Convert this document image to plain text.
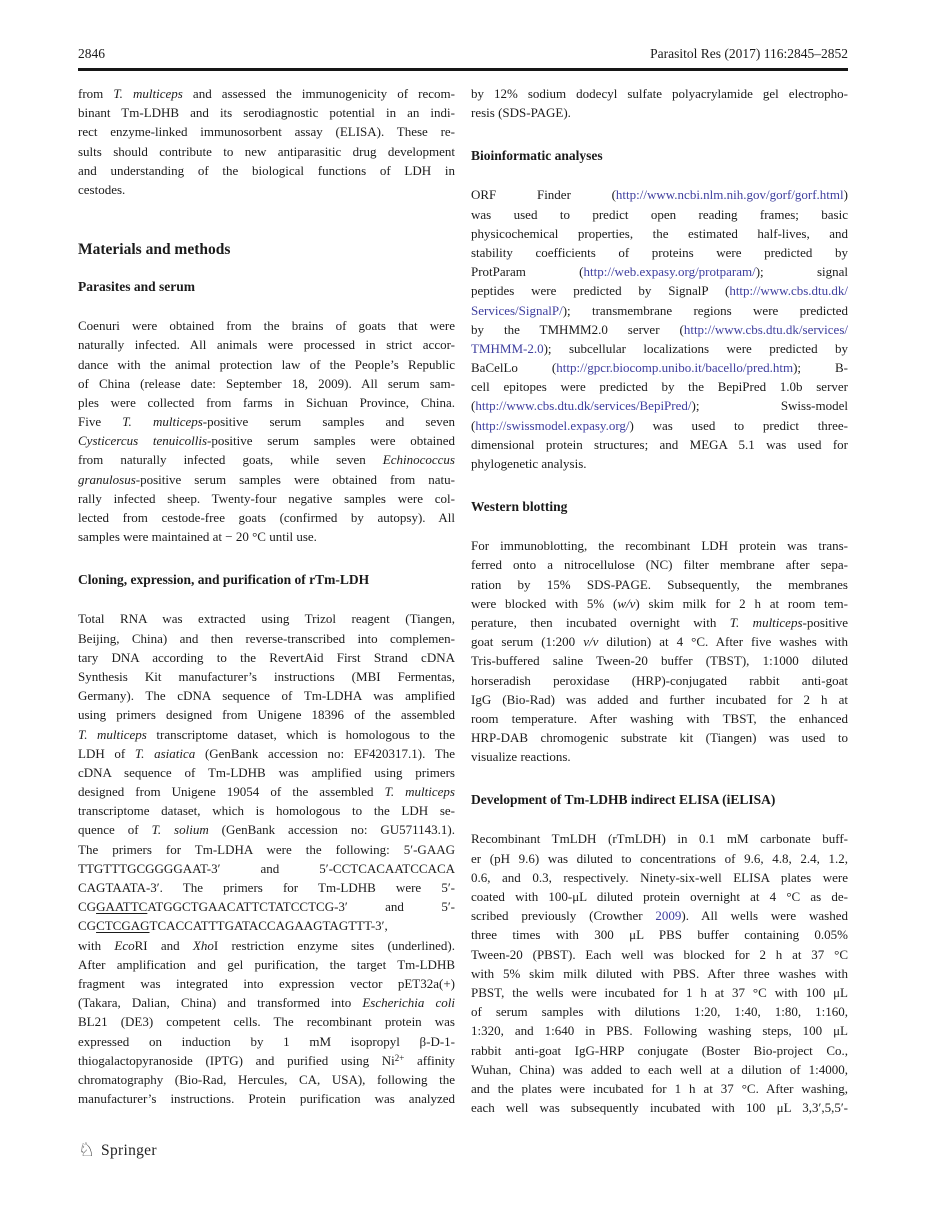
2846	Parasitol Res (2017) 116:2845–2852
from T. multiceps and assessed the immunogenicity of recom-
binant Tm-LDHB and its serodiagnostic potential in an indi-
rect enzyme-linked immunosorbent assay (ELISA). These re-
sults should contribute to new antiparasitic drug development
and understanding of the biological functions of LDH in
cestodes.
Materials and methods
Parasites and serum
Coenuri were obtained from the brains of goats that were
naturally infected. All animals were processed in strict accor-
dance with the animal protection law of the People’s Republic
of China (release date: September 18, 2009). All serum sam-
ples were collected from farms in Sichuan Province, China.
Five T. multiceps-positive serum samples and seven
Cysticercus tenuicollis-positive serum samples were obtained
from naturally infected goats, while seven Echinococcus
granulosus-positive serum samples were obtained from natu-
rally infected sheep. Twenty-four negative samples were col-
lected from cestode-free goats (confirmed by autopsy). All
samples were maintained at − 20 °C until use.
Cloning, expression, and purification of rTm-LDH
Total RNA was extracted using Trizol reagent (Tiangen,
Beijing, China) and then reverse-transcribed into complemen-
tary DNA according to the RevertAid First Strand cDNA
Synthesis Kit manufacturer’s instructions (MBI Fermentas,
Germany). The cDNA sequence of Tm-LDHA was amplified
using primers designed from Unigene 18396 of the assembled
T. multiceps transcriptome dataset, which is homologous to the
LDH of T. asiatica (GenBank accession no: EF420317.1). The
cDNA sequence of Tm-LDHB was amplified using primers
designed from Unigene 19054 of the assembled T. multiceps
transcriptome dataset, which is homologous to the LDH se-
quence of T. solium (GenBank accession no: GU571143.1).
The primers for Tm-LDHA were the following: 5′-GAAG
TTGTTTGCGGGGAAT-3′ and 5′-CCTCACAATCCACA
CAGTAATA-3′. The primers for Tm-LDHB were 5′-
CGGAATTCATGGCTGAACATTCTATCCTCG-3′ and 5′-
CGCTCGAGTCACCATTTGATACCAGAAGTAGTTT-3′,
with EcoRI and XhoI restriction enzyme sites (underlined).
After amplification and gel purification, the target Tm-LDHB
fragment was integrated into expression vector pET32a(+)
(Takara, Dalian, China) and transformed into Escherichia coli
BL21 (DE3) competent cells. The recombinant protein was
expressed on induction by 1 mM isopropyl β-D-1-
thiogalactopyranoside (IPTG) and purified using $Ni^{2+}$ affinity
chromatography (Bio-Rad, Hercules, CA, USA), following the
manufacturer’s instructions. Protein purification was analyzed
by 12% sodium dodecyl sulfate polyacrylamide gel electropho-
resis (SDS-PAGE).
Bioinformatic analyses
ORF Finder (http://www.ncbi.nlm.nih.gov/gorf/gorf.html)
was used to predict open reading frames; basic
physicochemical properties, the estimated half-lives, and
stability coefficients of proteins were predicted by
ProtParam (http://web.expasy.org/protparam/); signal
peptides were predicted by SignalP (http://www.cbs.dtu.dk/
Services/SignalP/); transmembrane regions were predicted
by the TMHMM2.0 server (http://www.cbs.dtu.dk/services/
TMHMM-2.0); subcellular localizations were predicted by
BaCelLo (http://gpcr.biocomp.unibo.it/bacello/pred.htm); B-
cell epitopes were predicted by the BepiPred 1.0b server
(http://www.cbs.dtu.dk/services/BepiPred/); Swiss-model
(http://swissmodel.expasy.org/) was used to predict three-
dimensional protein structures; and MEGA 5.1 was used for
phylogenetic analysis.
Western blotting
For immunoblotting, the recombinant LDH protein was trans-
ferred onto a nitrocellulose (NC) filter membrane after sepa-
ration by 15% SDS-PAGE. Subsequently, the membranes
were blocked with 5% (w/v) skim milk for 2 h at room tem-
perature, then incubated overnight with T. multiceps-positive
goat serum (1:200 v/v dilution) at 4 °C. After five washes with
Tris-buffered saline Tween-20 buffer (TBST), 1:1000 diluted
horseradish peroxidase (HRP)-conjugated rabbit anti-goat
IgG (Bio-Rad) was added and further incubated for 2 h at
room temperature. After washing with TBST, the enhanced
HRP-DAB chromogenic substrate kit (Tiangen) was used to
visualize reactions.
Development of Tm-LDHB indirect ELISA (iELISA)
Recombinant TmLDH (rTmLDH) in 0.1 mM carbonate buff-
er (pH 9.6) was diluted to concentrations of 9.6, 4.8, 2.4, 1.2,
0.6, and 0.3, respectively. Ninety-six-well ELISA plates were
coated with 100-μL diluted protein overnight at 4 °C as de-
scribed previously (Crowther 2009). All wells were washed
three times with 300 μL PBS buffer containing 0.05%
Tween-20 (PBST). Each well was blocked for 2 h at 37 °C
with 5% skim milk diluted with PBS. After three washes with
PBST, the wells were incubated for 1 h at 37 °C with 100 μL
of serum samples with dilutions 1:20, 1:40, 1:80, 1:160,
1:320, and 1:640 in PBS. Following washing steps, 100 μL
rabbit anti-goat IgG-HRP conjugate (Boster Bio-project Co.,
Wuhan, China) was added to each well at a dilution of 1:4000,
and the plates were incubated for 1 h at 37 °C. After washing,
each well was subsequently incubated with 100 μL 3,3′,5,5′-
♘ Springer
